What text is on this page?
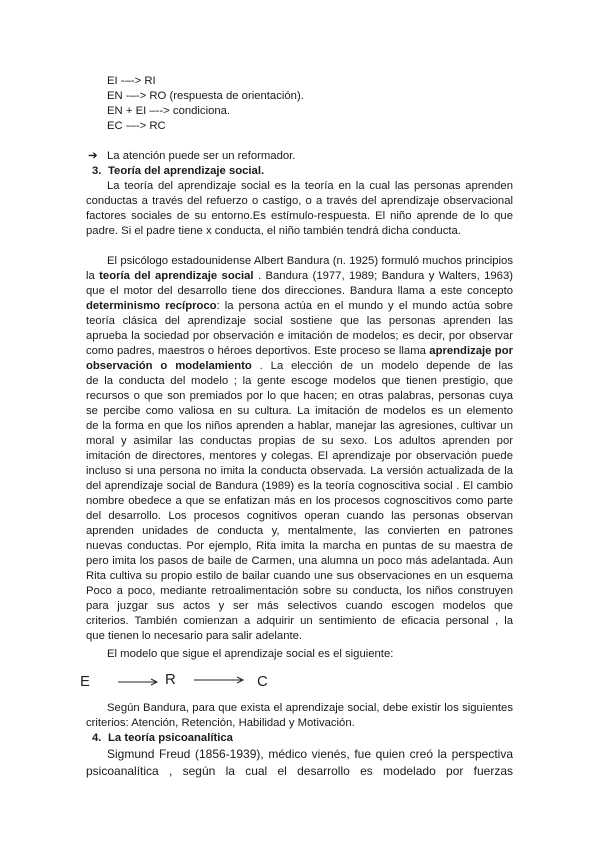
EI -–-> RI
EN -–-> RO (respuesta de orientación).
EN + EI –--> condiciona.
EC -–-> RC
➔ La atención puede ser un reformador.
3. Teoría del aprendizaje social.
La teoría del aprendizaje social es la teoría en la cual las personas aprenden
conductas a través del refuerzo o castigo, o a través del aprendizaje observacional
factores sociales de su entorno.Es estímulo-respuesta. El niño aprende de lo que
padre. Si el padre tiene x conducta, el niño también tendrá dicha conducta.
El psicólogo estadounidense Albert Bandura (n. 1925) formuló muchos principios
la teoría del aprendizaje social . Bandura (1977, 1989; Bandura y Walters, 1963)
que el motor del desarrollo tiene dos direcciones. Bandura llama a este concepto
determinismo recíproco: la persona actúa en el mundo y el mundo actúa sobre
teoría clásica del aprendizaje social sostiene que las personas aprenden las
aprueba la sociedad por observación e imitación de modelos; es decir, por observar
como padres, maestros o héroes deportivos. Este proceso se llama aprendizaje por
observación o modelamiento . La elección de un modelo depende de las
de la conducta del modelo ; la gente escoge modelos que tienen prestigio, que
recursos o que son premiados por lo que hacen; en otras palabras, personas cuya
se percibe como valiosa en su cultura. La imitación de modelos es un elemento
de la forma en que los niños aprenden a hablar, manejar las agresiones, cultivar un
moral y asimilar las conductas propias de su sexo. Los adultos aprenden por
imitación de directores, mentores y colegas. El aprendizaje por observación puede
incluso si una persona no imita la conducta observada. La versión actualizada de la
del aprendizaje social de Bandura (1989) es la teoría cognoscitiva social . El cambio
nombre obedece a que se enfatizan más en los procesos cognoscitivos como parte
del desarrollo. Los procesos cognitivos operan cuando las personas observan
aprenden unidades de conducta y, mentalmente, las convierten en patrones
nuevas conductas. Por ejemplo, Rita imita la marcha en puntas de su maestra de
pero imita los pasos de baile de Carmen, una alumna un poco más adelantada. Aun
Rita cultiva su propio estilo de bailar cuando une sus observaciones en un esquema
Poco a poco, mediante retroalimentación sobre su conducta, los niños construyen
para juzgar sus actos y ser más selectivos cuando escogen modelos que
criterios. También comienzan a adquirir un sentimiento de eficacia personal , la
que tienen lo necesario para salir adelante.
El modelo que sigue el aprendizaje social es el siguiente:
E	R	C
Según Bandura, para que exista el aprendizaje social, debe existir los siguientes
criterios: Atención, Retención, Habilidad y Motivación.
4. La teoría psicoanalítica
Sigmund Freud (1856-1939), médico vienés, fue quien creó la perspectiva
psicoanalítica , según la cual el desarrollo es modelado por fuerzas
